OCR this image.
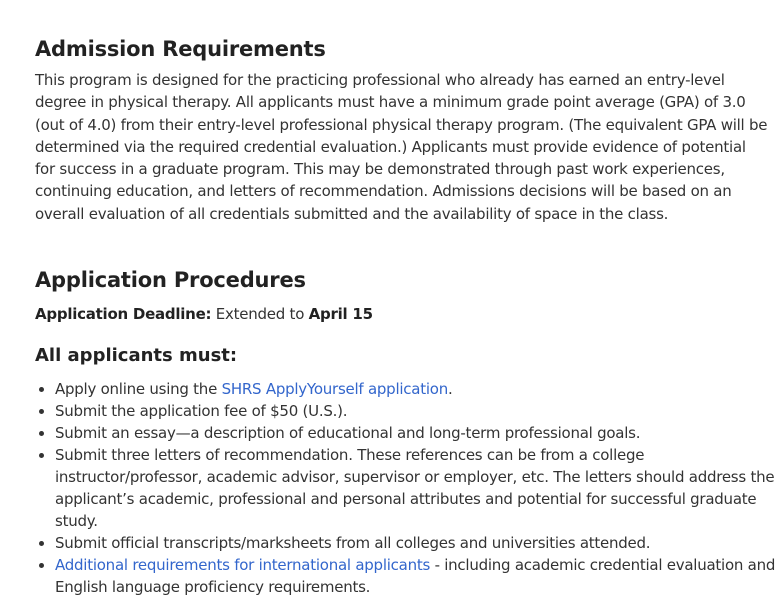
Admission Requirements

This program is designed for the practicing professional who already has earned an entry-level degree in physical therapy. All applicants must have a minimum grade point average (GPA) of 3.0 (out of 4.0) from their entry-level professional physical therapy program. (The equivalent GPA will be determined via the required credential evaluation.) Applicants must provide evidence of potential for success in a graduate program. This may be demonstrated through past work experiences, continuing education, and letters of recommendation. Admissions decisions will be based on an overall evaluation of all credentials submitted and the availability of space in the class.

Application Procedures

Application Deadline: Extended to April 15

All applicants must:
• Apply online using the SHRS ApplyYourself application.
• Submit the application fee of $50 (U.S.).
• Submit an essay—a description of educational and long-term professional goals.
• Submit three letters of recommendation. These references can be from a college instructor/professor, academic advisor, supervisor or employer, etc. The letters should address the applicant’s academic, professional and personal attributes and potential for successful graduate study.
• Submit official transcripts/marksheets from all colleges and universities attended.
• Additional requirements for international applicants - including academic credential evaluation and English language proficiency requirements.
